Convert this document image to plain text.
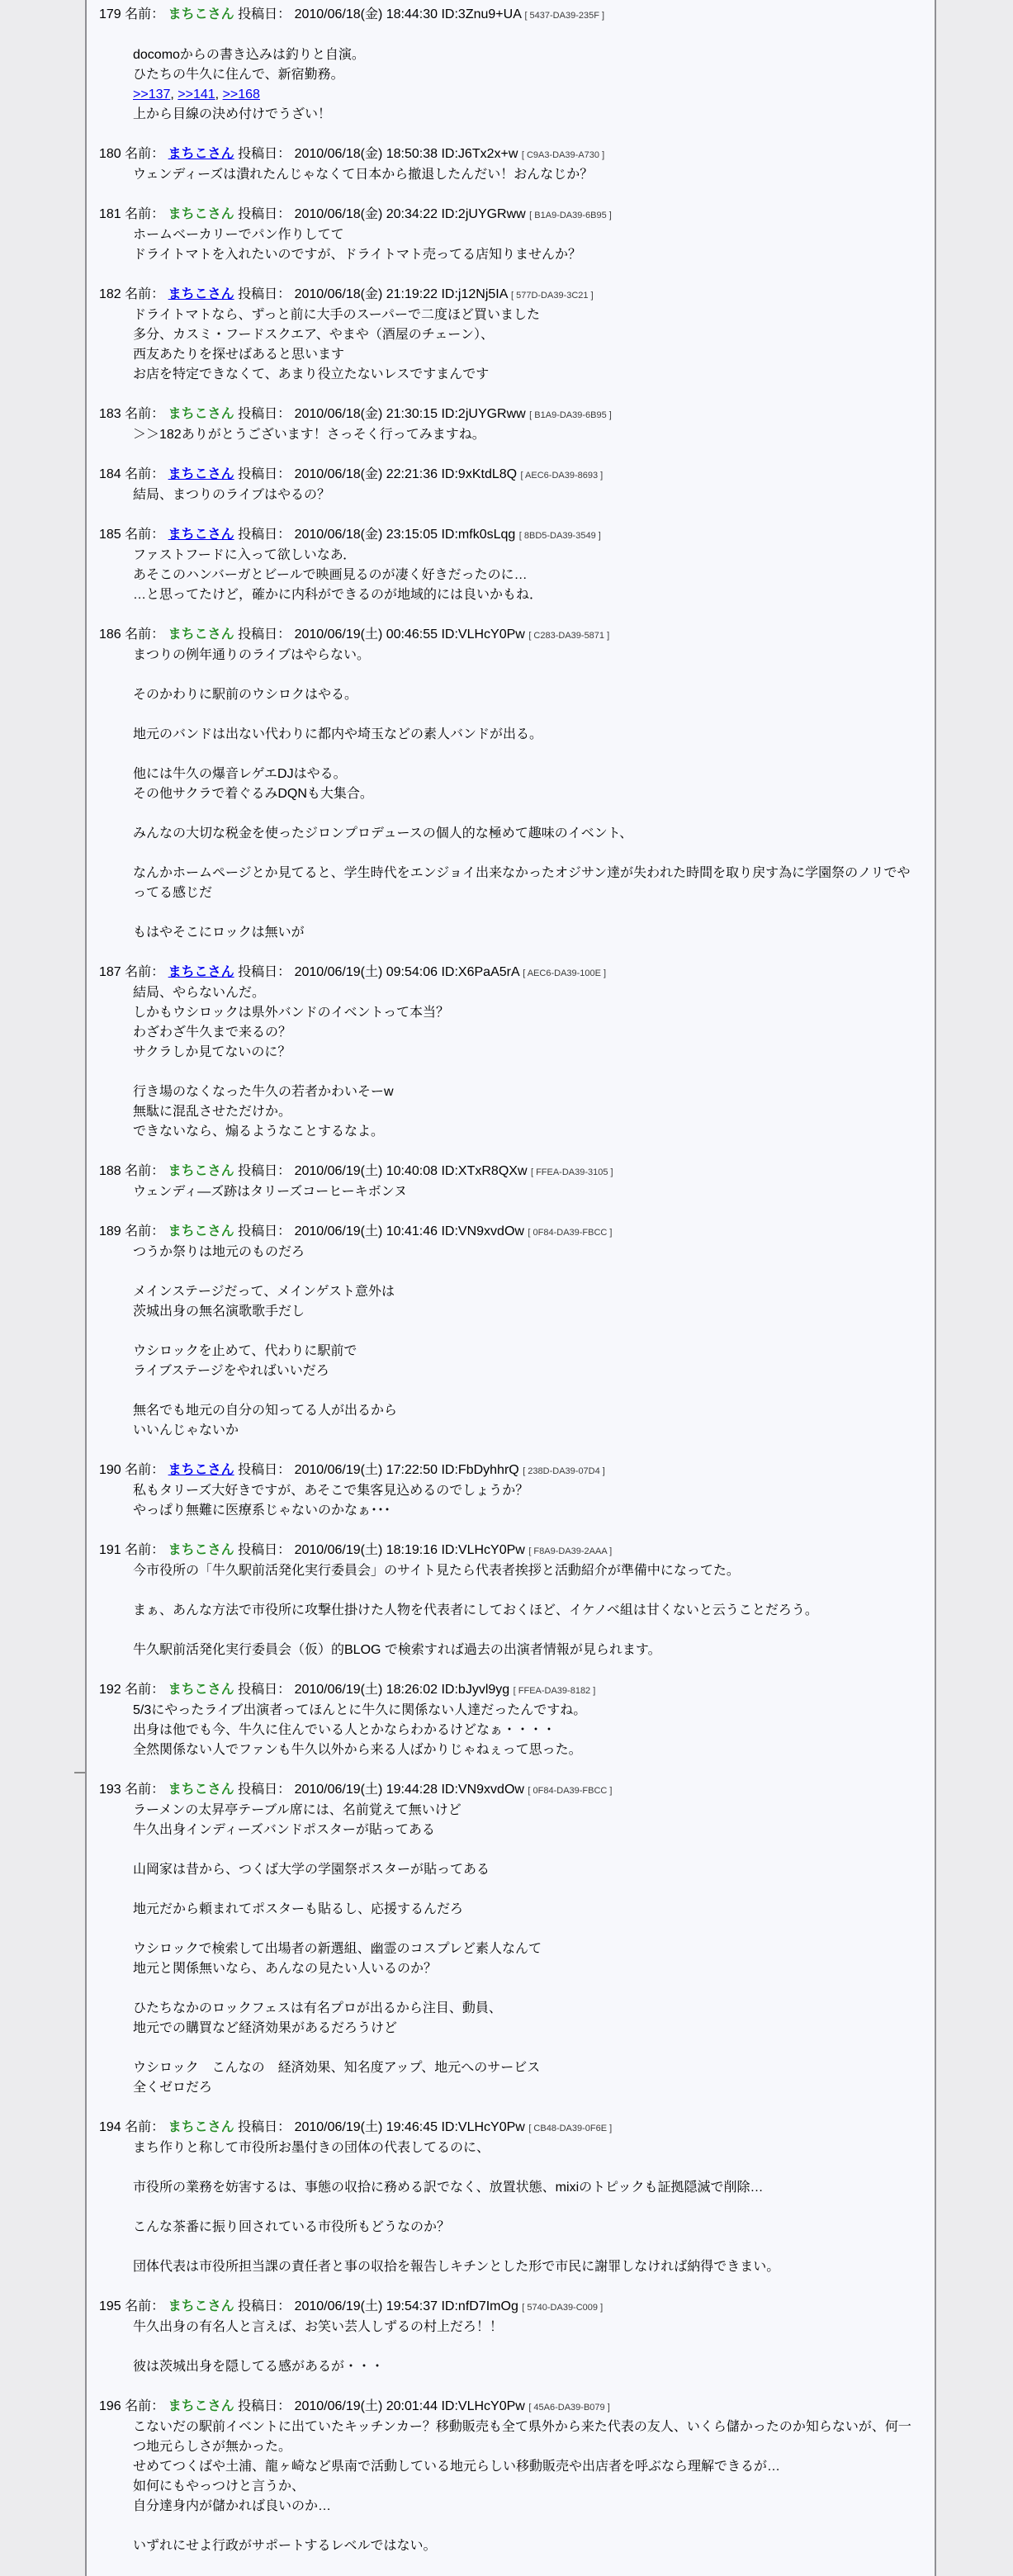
179 名前： まちこさん 投稿日： 2010/06/18(金) 18:44:30 ID:3Znu9+UA [ 5437-DA39-235F ]

docomoからの書き込みは釣りと自演。
ひたちの牛久に住んで、新宿勤務。
>>137, >>141, >>168
上から目線の決め付けでうざい！
180 名前： まちこさん 投稿日： 2010/06/18(金) 18:50:38 ID:J6Tx2x+w [ C9A3-DA39-A730 ]
ウェンディーズは潰れたんじゃなくて日本から撤退したんだい！おんなじか？
181 名前： まちこさん 投稿日： 2010/06/18(金) 20:34:22 ID:2jUYGRww [ B1A9-DA39-6B95 ]
ホームベーカリーでパン作りしてて
ドライトマトを入れたいのですが、ドライトマト売ってる店知りませんか？
182 名前： まちこさん 投稿日： 2010/06/18(金) 21:19:22 ID:j12Nj5IA [ 577D-DA39-3C21 ]
ドライトマトなら、ずっと前に大手のスーパーで二度ほど買いました
多分、カスミ・フードスクエア、やまや（酒屋のチェーン）、
西友あたりを探せばあると思います
お店を特定できなくて、あまり役立たないレスですまんです
183 名前： まちこさん 投稿日： 2010/06/18(金) 21:30:15 ID:2jUYGRww [ B1A9-DA39-6B95 ]
＞＞182ありがとうございます！さっそく行ってみますね。
184 名前： まちこさん 投稿日： 2010/06/18(金) 22:21:36 ID:9xKtdL8Q [ AEC6-DA39-8693 ]
結局、まつりのライブはやるの？
185 名前： まちこさん 投稿日： 2010/06/18(金) 23:15:05 ID:mfk0sLqg [ 8BD5-DA39-3549 ]
ファストフードに入って欲しいなあ．
あそこのハンバーガとビールで映画見るのが凄く好きだったのに…
…と思ってたけど，確かに内科ができるのが地域的には良いかもね．
186 名前： まちこさん 投稿日： 2010/06/19(土) 00:46:55 ID:VLHcY0Pw [ C283-DA39-5871 ]
まつりの例年通りのライブはやらない。

そのかわりに駅前のウシロクはやる。

地元のバンドは出ない代わりに都内や埼玉などの素人バンドが出る。

他には牛久の爆音レゲエDJはやる。
その他サクラで着ぐるみDQNも大集合。

みんなの大切な税金を使ったジロンプロデュースの個人的な極めて趣味のイベント、

なんかホームページとか見てると、学生時代をエンジョイ出来なかったオジサン達が失われた時間を取り戻す為に学園祭のノリでやってる感じだ

もはやそこにロックは無いが
187 名前： まちこさん 投稿日： 2010/06/19(土) 09:54:06 ID:X6PaA5rA [ AEC6-DA39-100E ]
結局、やらないんだ。
しかもウシロックは県外バンドのイベントって本当？
わざわざ牛久まで来るの？
サクラしか見てないのに？

行き場のなくなった牛久の若者かわいそーw
無駄に混乱させただけか。
できないなら、煽るようなことするなよ。
188 名前： まちこさん 投稿日： 2010/06/19(土) 10:40:08 ID:XTxR8QXw [ FFEA-DA39-3105 ]
ウェンディ―ズ跡はタリーズコーヒーキボンヌ
189 名前： まちこさん 投稿日： 2010/06/19(土) 10:41:46 ID:VN9xvdOw [ 0F84-DA39-FBCC ]
つうか祭りは地元のものだろ

メインステージだって、メインゲスト意外は
茨城出身の無名演歌歌手だし

ウシロックを止めて、代わりに駅前で
ライブステージをやればいいだろ

無名でも地元の自分の知ってる人が出るから
いいんじゃないか
190 名前： まちこさん 投稿日： 2010/06/19(土) 17:22:50 ID:FbDyhhrQ [ 238D-DA39-07D4 ]
私もタリーズ大好きですが、あそこで集客見込めるのでしょうか？
やっぱり無難に医療系じゃないのかなぁ･･･
191 名前： まちこさん 投稿日： 2010/06/19(土) 18:19:16 ID:VLHcY0Pw [ F8A9-DA39-2AAA ]
今市役所の「牛久駅前活発化実行委員会」のサイト見たら代表者挨拶と活動紹介が準備中になってた。

まぁ、あんな方法で市役所に攻撃仕掛けた人物を代表者にしておくほど、イケノベ組は甘くないと云うことだろう。

牛久駅前活発化実行委員会（仮）的BLOG で検索すれば過去の出演者情報が見られます。
192 名前： まちこさん 投稿日： 2010/06/19(土) 18:26:02 ID:bJyvl9yg [ FFEA-DA39-8182 ]
5/3にやったライブ出演者ってほんとに牛久に関係ない人達だったんですね。
出身は他でも今、牛久に住んでいる人とかならわかるけどなぁ・・・・
全然関係ない人でファンも牛久以外から来る人ばかりじゃねぇって思った。
193 名前： まちこさん 投稿日： 2010/06/19(土) 19:44:28 ID:VN9xvdOw [ 0F84-DA39-FBCC ]
ラーメンの太昇亭テーブル席には、名前覚えて無いけど
牛久出身インディーズバンドポスターが貼ってある

山岡家は昔から、つくば大学の学園祭ポスターが貼ってある

地元だから頼まれてポスターも貼るし、応援するんだろ

ウシロックで検索して出場者の新選組、幽霊のコスプレど素人なんて
地元と関係無いなら、あんなの見たい人いるのか？

ひたちなかのロックフェスは有名プロが出るから注目、動員、
地元での購買など経済効果があるだろうけど

ウシロック　こんなの　経済効果、知名度アップ、地元へのサービス
全くゼロだろ
194 名前： まちこさん 投稿日： 2010/06/19(土) 19:46:45 ID:VLHcY0Pw [ CB48-DA39-0F6E ]
まち作りと称して市役所お墨付きの団体の代表してるのに、

市役所の業務を妨害するは、事態の収拾に務める訳でなく、放置状態、mixiのトピックも証拠隠滅で削除…

こんな茶番に振り回されている市役所もどうなのか？

団体代表は市役所担当課の責任者と事の収拾を報告しキチンとした形で市民に謝罪しなければ納得できまい。
195 名前： まちこさん 投稿日： 2010/06/19(土) 19:54:37 ID:nfD7ImOg [ 5740-DA39-C009 ]
牛久出身の有名人と言えば、お笑い芸人しずるの村上だろ！！

彼は茨城出身を隠してる感があるが・・・
196 名前： まちこさん 投稿日： 2010/06/19(土) 20:01:44 ID:VLHcY0Pw [ 45A6-DA39-B079 ]
こないだの駅前イベントに出ていたキッチンカー？移動販売も全て県外から来た代表の友人、いくら儲かったのか知らないが、何一つ地元らしさが無かった。
せめてつくばや土浦、龍ヶ崎など県南で活動している地元らしい移動販売や出店者を呼ぶなら理解できるが…
如何にもやっつけと言うか、
自分達身内が儲かれば良いのか…

いずれにせよ行政がサポートするレベルではない。
